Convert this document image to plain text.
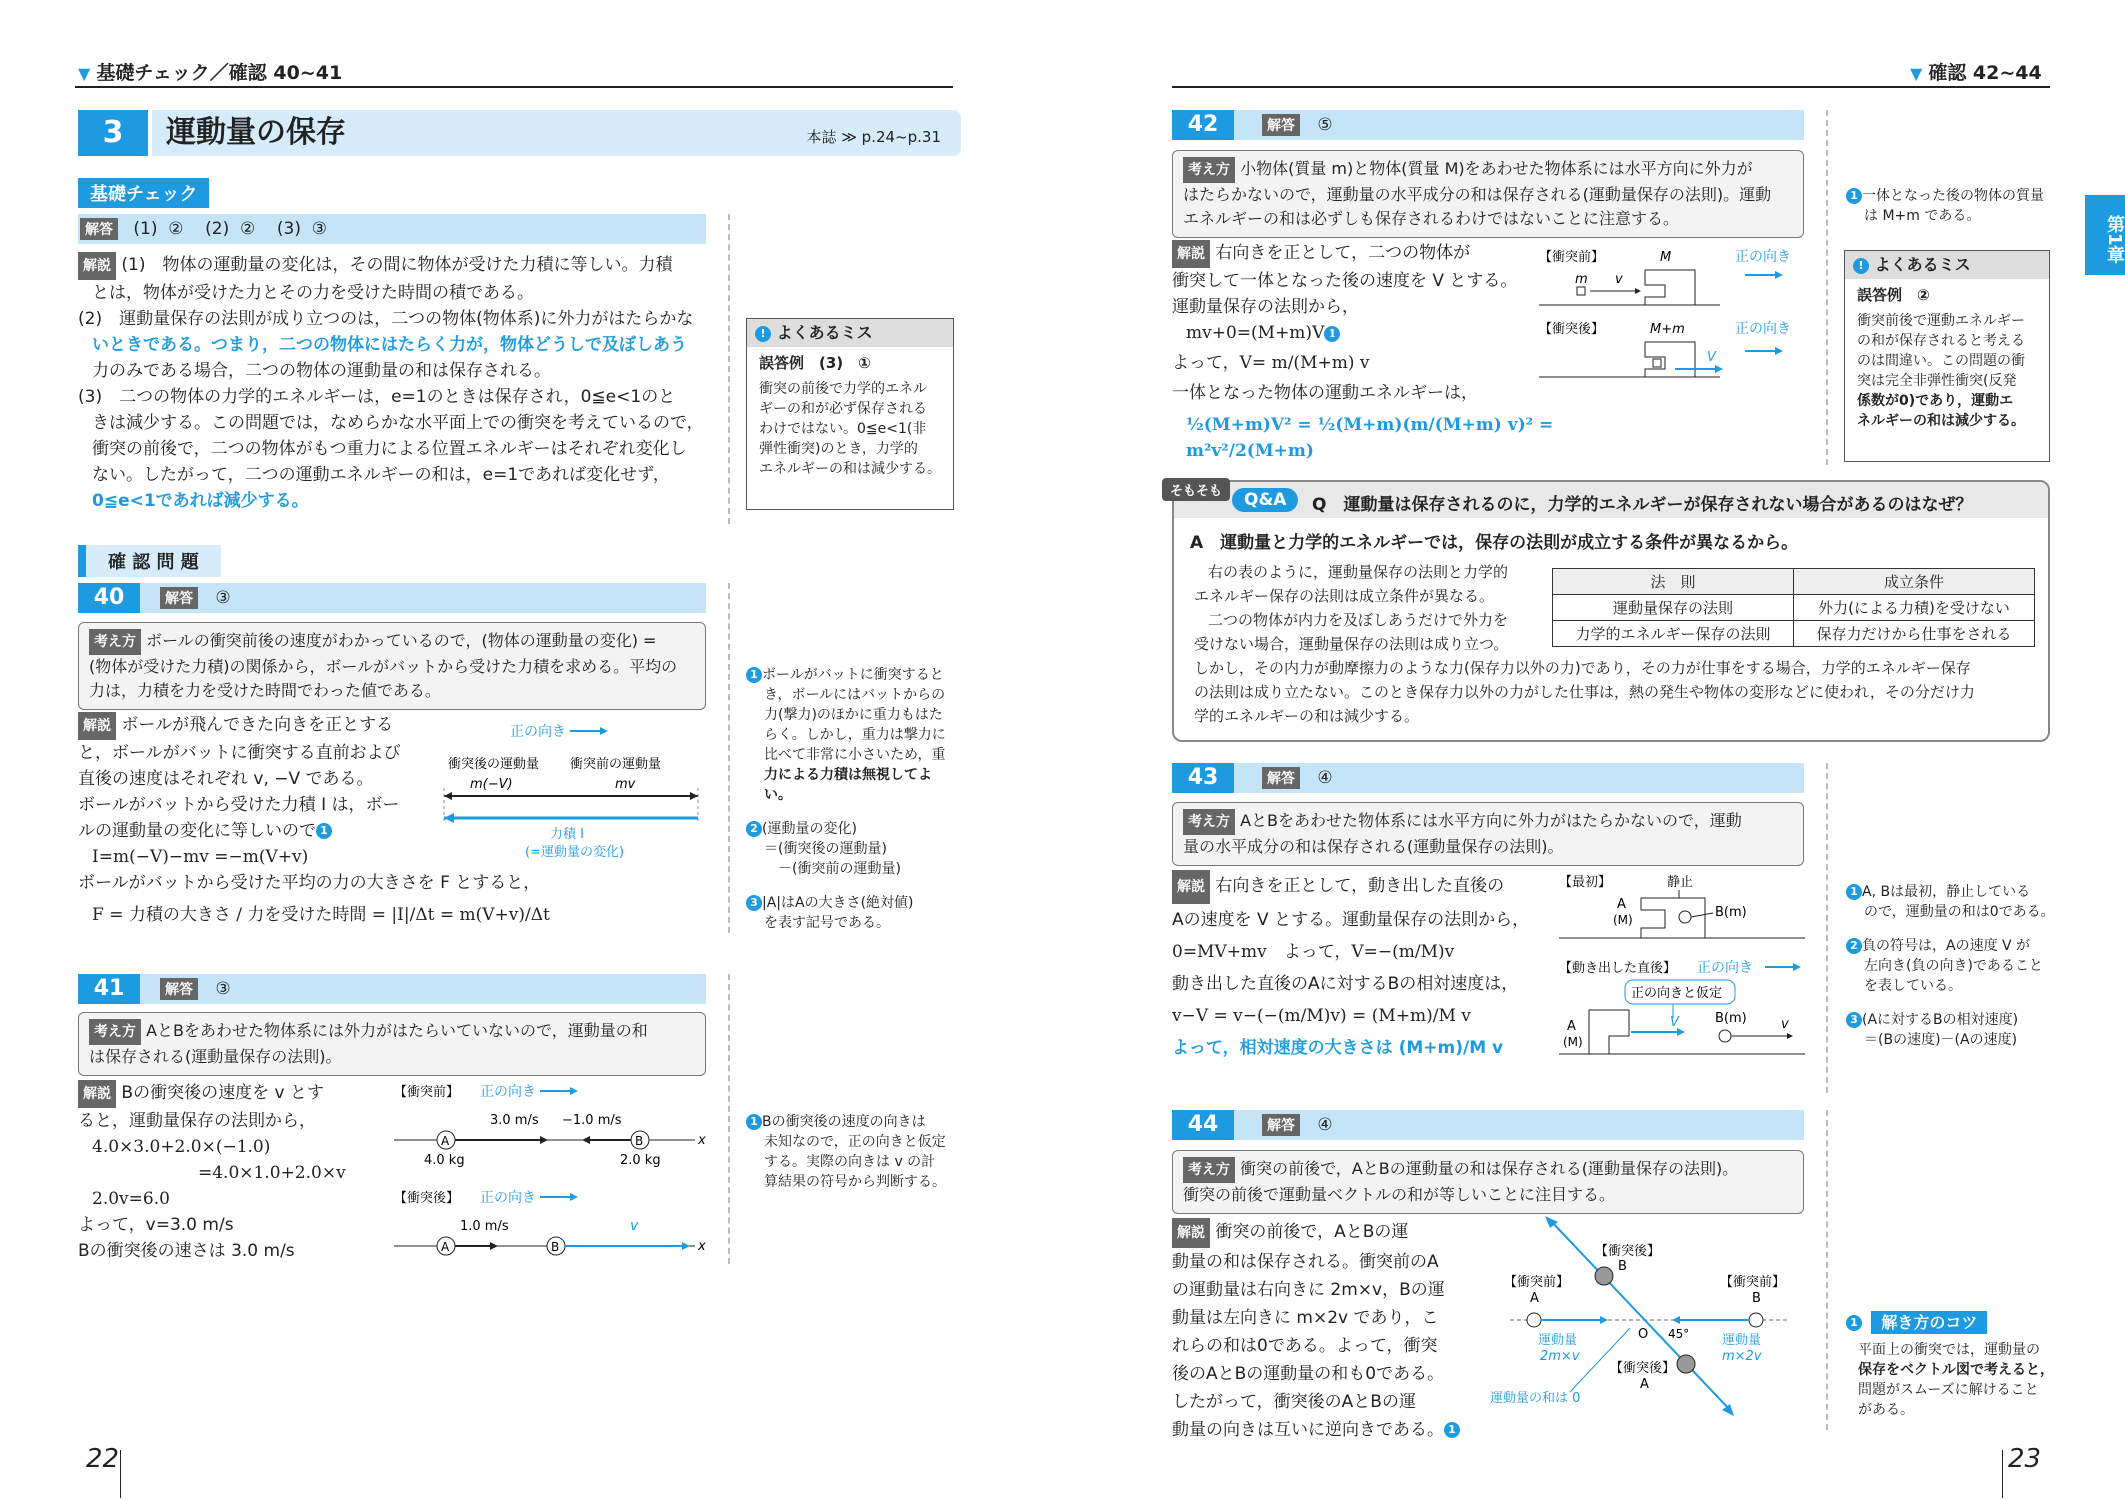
▼ 基礎チェック／確認 40~41
3	運動量の保存	本誌 ≫ p.24~p.31
基礎チェック
解答 (1)  ②    (2)  ②    (3)  ③
解説 (1)　物体の運動量の変化は，その間に物体が受けた力積に等しい。力積
とは，物体が受けた力とその力を受けた時間の積である。
(2)　運動量保存の法則が成り立つのは，二つの物体(物体系)に外力がはたらかな
いときである。つまり，二つの物体にはたらく力が，物体どうしで及ぼしあう
力のみである場合，二つの物体の運動量の和は保存される。
(3)　二つの物体の力学的エネルギーは，e=1のときは保存され，0≦e<1のと
きは減少する。この問題では，なめらかな水平面上での衝突を考えているので，
衝突の前後で，二つの物体がもつ重力による位置エネルギーはそれぞれ変化し
ない。したがって，二つの運動エネルギーの和は，e=1であれば変化せず，
0≦e<1であれば減少する。
! よくあるミス
誤答例　(3)　①
衝突の前後で力学的エネル
ギーの和が必ず保存される
わけではない。0≦e<1(非
弾性衝突)のとき，力学的
エネルギーの和は減少する。
確 認 問 題
40	解答 ③
考え方 ボールの衝突前後の速度がわかっているので，(物体の運動量の変化) =
(物体が受けた力積)の関係から，ボールがバットから受けた力積を求める。平均の
力は，力積を力を受けた時間でわった値である。
解説 ボールが飛んできた向きを正とする
と，ボールがバットに衝突する直前および
直後の速度はそれぞれ v, −V である。
ボールがバットから受けた力積 I は，ボー
ルの運動量の変化に等しいので 1
I=m(−V)−mv =−m(V+v)
ボールがバットから受けた平均の力の大きさを F とすると，
F = 力積の大きさ / 力を受けた時間 = |I|/Δt = m(V+v)/Δt
正の向き
衝突後の運動量 衝突前の運動量
m(−V)	mv
力積 I
(=運動量の変化)
1 ボールがバットに衝突すると
き，ボールにはバットからの
力(撃力)のほかに重力もはた
らく。しかし，重力は撃力に
比べて非常に小さいため，重
力による力積は無視してよい。
2 (運動量の変化)
＝(衝突後の運動量)
　－(衝突前の運動量)
3 |A|はAの大きさ(絶対値)
を表す記号である。
41	解答 ③
考え方 AとBをあわせた物体系には外力がはたらいていないので，運動量の和
は保存される(運動量保存の法則)。
解説 Bの衝突後の速度を v とす
ると，運動量保存の法則から，
4.0×3.0+2.0×(−1.0)
=4.0×1.0+2.0×v
2.0v=6.0
よって，v=3.0 m/s
Bの衝突後の速さは 3.0 m/s
【衝突前】 正の向き
3.0 m/s −1.0 m/s
x
A	B
4.0 kg	2.0 kg
【衝突後】 正の向き
1.0 m/s	v
x
A	B
1 Bの衝突後の速度の向きは
未知なので，正の向きと仮定
する。実際の向きは v の計
算結果の符号から判断する。
22
▼ 確認 42~44
第1章
42	解答 ⑤
考え方 小物体(質量 m)と物体(質量 M)をあわせた物体系には水平方向に外力が
はたらかないので，運動量の水平成分の和は保存される(運動量保存の法則)。運動
エネルギーの和は必ずしも保存されるわけではないことに注意する。
解説 右向きを正として，二つの物体が
衝突して一体となった後の速度を V とする。
運動量保存の法則から，
mv+0=(M+m)V 1
よって，V= m/(M+m) v
一体となった物体の運動エネルギーは，
½(M+m)V² = ½(M+m)(m/(M+m) v)² = m²v²/2(M+m)
【衝突前】	M	正の向き
m v
【衝突後】	M+m	正の向き
V
1 一体となった後の物体の質量
は M+m である。
! よくあるミス
誤答例　②
衝突前後で運動エネルギー
の和が保存されると考える
のは間違い。この問題の衝
突は完全非弾性衝突(反発
係数が0)であり，運動エ
ネルギーの和は減少する。
そもそも	Q&A	Q　運動量は保存されるのに，力学的エネルギーが保存されない場合があるのはなぜ？
A　運動量と力学的エネルギーでは，保存の法則が成立する条件が異なるから。
右の表のように，運動量保存の法則と力学的
エネルギー保存の法則は成立条件が異なる。
二つの物体が内力を及ぼしあうだけで外力を
受けない場合，運動量保存の法則は成り立つ。
法　則	成立条件
運動量保存の法則	外力(による力積)を受けない
力学的エネルギー保存の法則	保存力だけから仕事をされる
しかし，その内力が動摩擦力のような力(保存力以外の力)であり，その力が仕事をする場合，力学的エネルギー保存
の法則は成り立たない。このとき保存力以外の力がした仕事は，熱の発生や物体の変形などに使われ，その分だけ力
学的エネルギーの和は減少する。
43	解答 ④
考え方 AとBをあわせた物体系には水平方向に外力がはたらかないので，運動
量の水平成分の和は保存される(運動量保存の法則)。
解説 右向きを正として，動き出した直後の
Aの速度を V とする。運動量保存の法則から，
0=MV+mv　よって，V=−(m/M)v
動き出した直後のAに対するBの相対速度は，
v−V = v−(−(m/M)v) = (M+m)/M v
よって，相対速度の大きさは (M+m)/M v
【最初】	静止
A
(M)	B(m)
【動き出した直後】 正の向き
正の向きと仮定
A
(M)
V	B(m)	v
1 A, Bは最初，静止している
ので，運動量の和は0である。
2 負の符号は，Aの速度 V が
左向き(負の向き)であること
を表している。
3 (Aに対するBの相対速度)
＝(Bの速度)－(Aの速度)
44	解答 ④
考え方 衝突の前後で，AとBの運動量の和は保存される(運動量保存の法則)。
衝突の前後で運動量ベクトルの和が等しいことに注目する。
解説 衝突の前後で，AとBの運
動量の和は保存される。衝突前のA
の運動量は右向きに 2m×v，Bの運
動量は左向きに m×2v であり，こ
れらの和は0である。よって，衝突
後のAとBの運動量の和も0である。
したがって，衝突後のAとBの運
動量の向きは互いに逆向きである。 1
【衝突後】
B
【衝突前】
A
【衝突前】
B
O 45°
運動量
2m×v
運動量
m×2v
【衝突後】
A
運動量の和は 0
1 解き方のコツ
平面上の衝突では，運動量の
保存をベクトル図で考えると，
問題がスムーズに解けること
がある。
23
